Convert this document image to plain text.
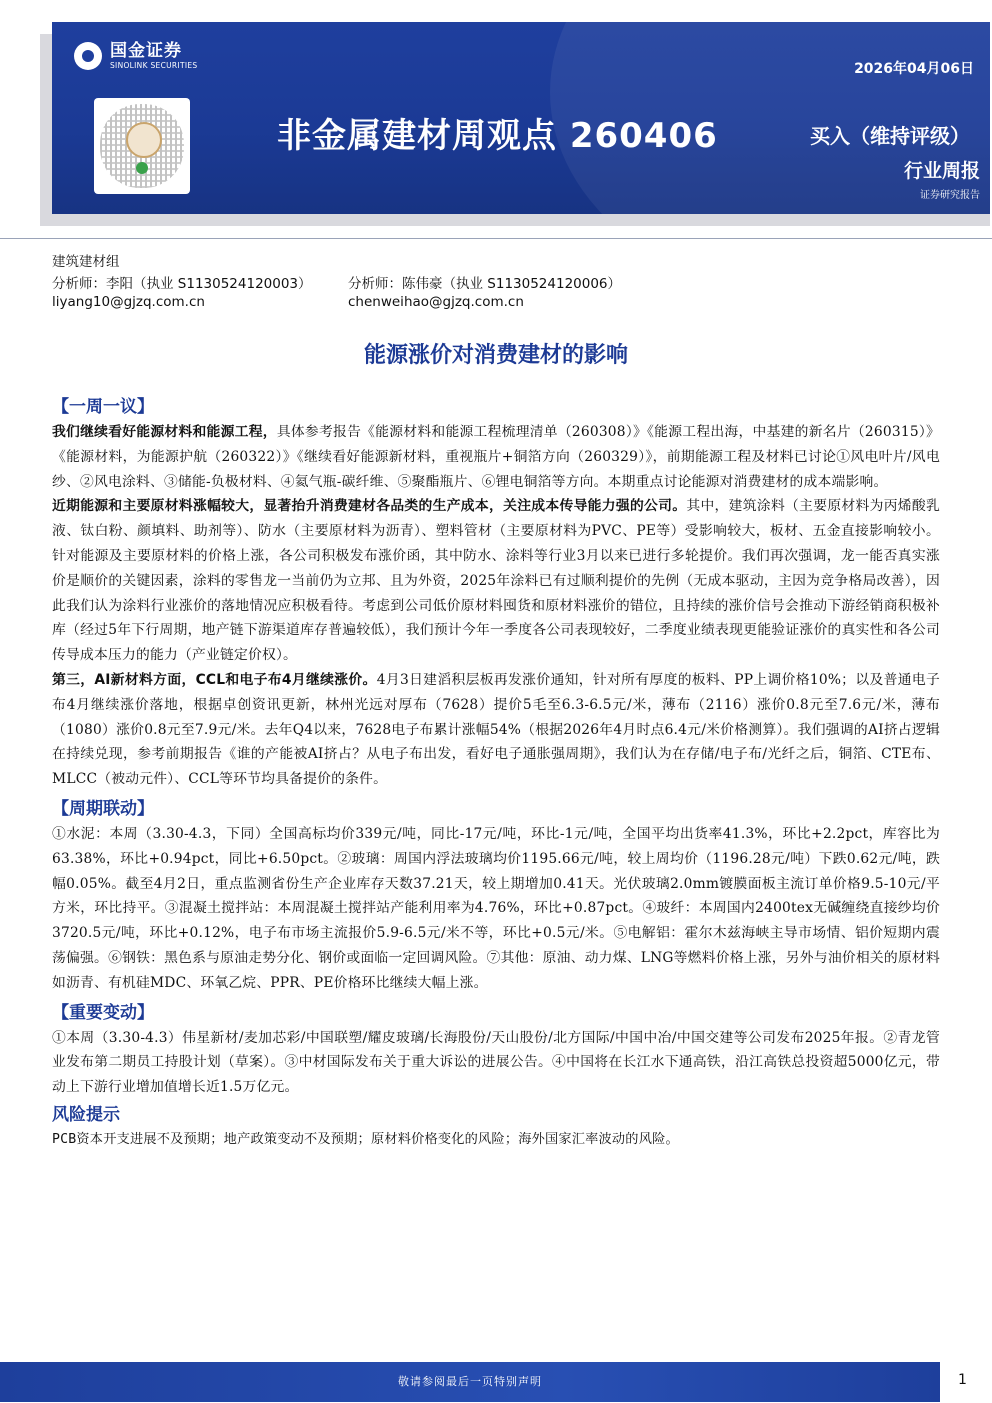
国金证券
SINOLINK SECURITIES	2026年04月06日
非金属建材周观点 260406	买入（维持评级）
行业周报
证券研究报告
建筑建材组
分析师：李阳（执业 S1130524120003）
liyang10@gjzq.com.cn
分析师：陈伟豪（执业 S1130524120006）
chenweihao@gjzq.com.cn
能源涨价对消费建材的影响
【一周一议】

我们继续看好能源材料和能源工程，具体参考报告《能源材料和能源工程梳理清单（260308）》《能源工程出海，中基建的新名片（260315）》《能源材料，为能源护航（260322）》《继续看好能源新材料，重视瓶片+铜箔方向（260329）》，前期能源工程及材料已讨论①风电叶片/风电纱、②风电涂料、③储能-负极材料、④氦气瓶-碳纤维、⑤聚酯瓶片、⑥锂电铜箔等方向。本期重点讨论能源对消费建材的成本端影响。

近期能源和主要原材料涨幅较大，显著抬升消费建材各品类的生产成本，关注成本传导能力强的公司。其中，建筑涂料（主要原材料为丙烯酸乳液、钛白粉、颜填料、助剂等）、防水（主要原材料为沥青）、塑料管材（主要原材料为PVC、PE等）受影响较大，板材、五金直接影响较小。针对能源及主要原材料的价格上涨，各公司积极发布涨价函，其中防水、涂料等行业3月以来已进行多轮提价。我们再次强调，龙一能否真实涨价是顺价的关键因素，涂料的零售龙一当前仍为立邦、且为外资，2025年涂料已有过顺利提价的先例（无成本驱动，主因为竞争格局改善），因此我们认为涂料行业涨价的落地情况应积极看待。考虑到公司低价原材料囤货和原材料涨价的错位，且持续的涨价信号会推动下游经销商积极补库（经过5年下行周期，地产链下游渠道库存普遍较低），我们预计今年一季度各公司表现较好，二季度业绩表现更能验证涨价的真实性和各公司传导成本压力的能力（产业链定价权）。

第三，AI新材料方面，CCL和电子布4月继续涨价。4月3日建滔积层板再发涨价通知，针对所有厚度的板料、PP上调价格10%；以及普通电子布4月继续涨价落地，根据卓创资讯更新，林州光远对厚布（7628）提价5毛至6.3-6.5元/米，薄布（2116）涨价0.8元至7.6元/米，薄布（1080）涨价0.8元至7.9元/米。去年Q4以来，7628电子布累计涨幅54%（根据2026年4月时点6.4元/米价格测算）。我们强调的AI挤占逻辑在持续兑现，参考前期报告《谁的产能被AI挤占？从电子布出发，看好电子通胀强周期》，我们认为在存储/电子布/光纤之后，铜箔、CTE布、MLCC（被动元件）、CCL等环节均具备提价的条件。

【周期联动】

①水泥：本周（3.30-4.3，下同）全国高标均价339元/吨，同比-17元/吨，环比-1元/吨，全国平均出货率41.3%，环比+2.2pct，库容比为63.38%，环比+0.94pct，同比+6.50pct。②玻璃：周国内浮法玻璃均价1195.66元/吨，较上周均价（1196.28元/吨）下跌0.62元/吨，跌幅0.05%。截至4月2日，重点监测省份生产企业库存天数37.21天，较上期增加0.41天。光伏玻璃2.0mm镀膜面板主流订单价格9.5-10元/平方米，环比持平。③混凝土搅拌站：本周混凝土搅拌站产能利用率为4.76%，环比+0.87pct。④玻纤：本周国内2400tex无碱缠绕直接纱均价3720.5元/吨，环比+0.12%，电子布市场主流报价5.9-6.5元/米不等，环比+0.5元/米。⑤电解铝：霍尔木兹海峡主导市场情、铝价短期内震荡偏强。⑥钢铁：黑色系与原油走势分化、钢价或面临一定回调风险。⑦其他：原油、动力煤、LNG等燃料价格上涨，另外与油价相关的原材料如沥青、有机硅MDC、环氧乙烷、PPR、PE价格环比继续大幅上涨。

【重要变动】

①本周（3.30-4.3）伟星新材/麦加芯彩/中国联塑/耀皮玻璃/长海股份/天山股份/北方国际/中国中冶/中国交建等公司发布2025年报。②青龙管业发布第二期员工持股计划（草案）。③中材国际发布关于重大诉讼的进展公告。④中国将在长江水下通高铁，沿江高铁总投资超5000亿元，带动上下游行业增加值增长近1.5万亿元。

风险提示

PCB资本开支进展不及预期；地产政策变动不及预期；原材料价格变化的风险；海外国家汇率波动的风险。

敬请参阅最后一页特别声明	1
